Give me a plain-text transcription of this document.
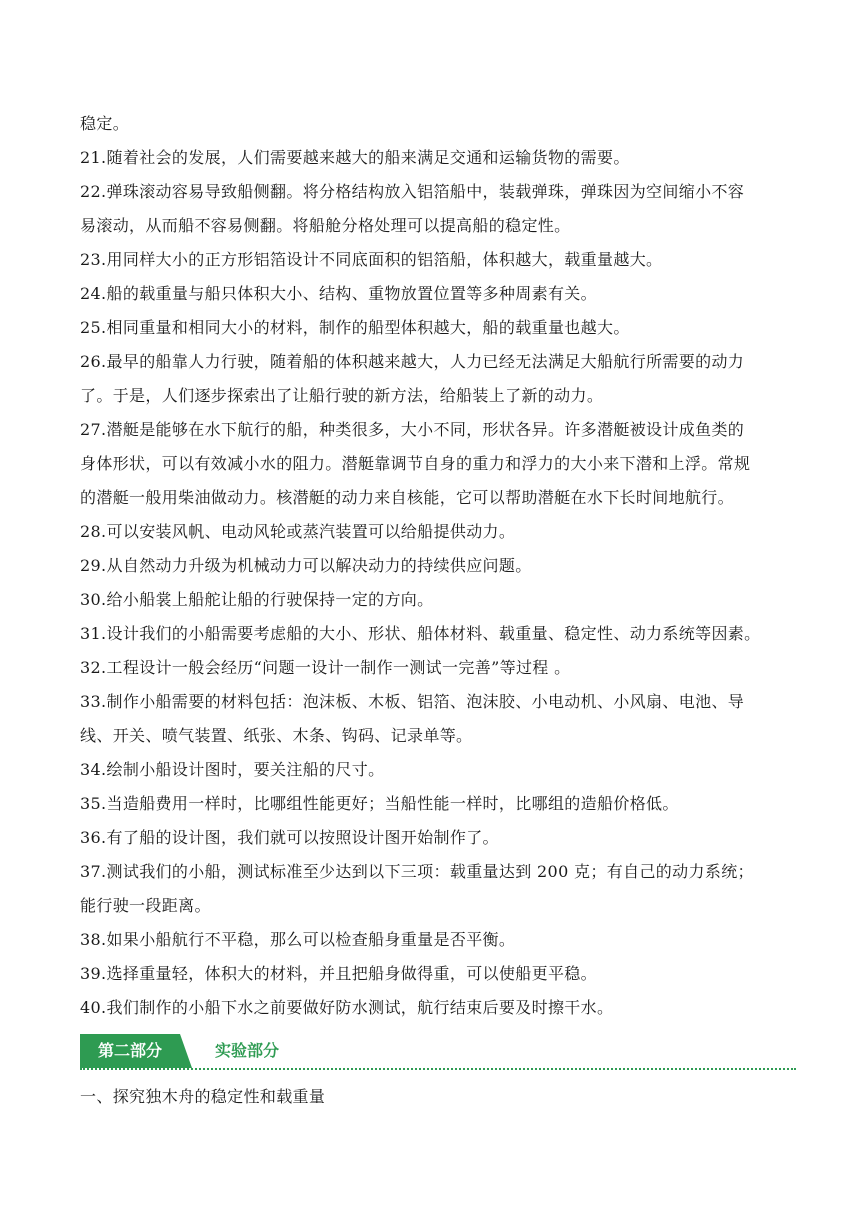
稳定。
21.随着社会的发展，人们需要越来越大的船来满足交通和运输货物的需要。
22.弹珠滚动容易导致船侧翻。将分格结构放入铝箔船中，装载弹珠，弹珠因为空间缩小不容
易滚动，从而船不容易侧翻。将船舱分格处理可以提高船的稳定性。
23.用同样大小的正方形铝箔设计不同底面积的铝箔船，体积越大，载重量越大。
24.船的载重量与船只体积大小、结构、重物放置位置等多种周素有关。
25.相同重量和相同大小的材料，制作的船型体积越大，船的载重量也越大。
26.最早的船靠人力行驶，随着船的体积越来越大，人力已经无法满足大船航行所需要的动力
了。于是，人们逐步探索出了让船行驶的新方法，给船装上了新的动力。
27.潜艇是能够在水下航行的船，种类很多，大小不同，形状各异。许多潜艇被设计成鱼类的
身体形状，可以有效减小水的阻力。潜艇靠调节自身的重力和浮力的大小来下潜和上浮。常规
的潜艇一般用柴油做动力。核潜艇的动力来自核能，它可以帮助潜艇在水下长时间地航行。
28.可以安装风帆、电动风轮或蒸汽装置可以给船提供动力。
29.从自然动力升级为机械动力可以解决动力的持续供应问题。
30.给小船裳上船舵让船的行驶保持一定的方向。
31.设计我们的小船需要考虑船的大小、形状、船体材料、载重量、稳定性、动力系统等因素。
32.工程设计一般会经历“问题一设计一制作一测试一完善”等过程 。
33.制作小船需要的材料包括：泡沫板、木板、铝箔、泡沫胶、小电动机、小风扇、电池、导
线、开关、喷气装置、纸张、木条、钩码、记录单等。
34.绘制小船设计图时，要关注船的尺寸。
35.当造船费用一样时，比哪组性能更好；当船性能一样时，比哪组的造船价格低。
36.有了船的设计图，我们就可以按照设计图开始制作了。
37.测试我们的小船，测试标准至少达到以下三项：载重量达到 200 克；有自己的动力系统；
能行驶一段距离。
38.如果小船航行不平稳，那么可以检查船身重量是否平衡。
39.选择重量轻，体积大的材料，并且把船身做得重，可以使船更平稳。
40.我们制作的小船下水之前要做好防水测试，航行结束后要及时擦干水。
第二部分	实验部分
一、探究独木舟的稳定性和载重量
